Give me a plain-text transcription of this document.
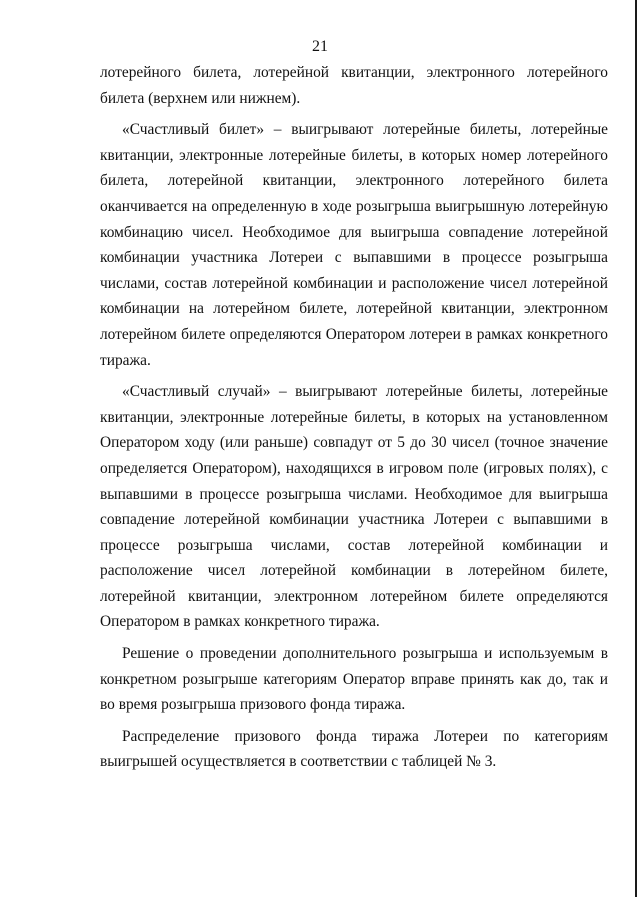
21

лотерейного билета, лотерейной квитанции, электронного лотерейного билета (верхнем или нижнем).

«Счастливый билет» – выигрывают лотерейные билеты, лотерейные квитанции, электронные лотерейные билеты, в которых номер лотерейного билета, лотерейной квитанции, электронного лотерейного билета оканчивается на определенную в ходе розыгрыша выигрышную лотерейную комбинацию чисел. Необходимое для выигрыша совпадение лотерейной комбинации участника Лотереи с выпавшими в процессе розыгрыша числами, состав лотерейной комбинации и расположение чисел лотерейной комбинации на лотерейном билете, лотерейной квитанции, электронном лотерейном билете определяются Оператором лотереи в рамках конкретного тиража.

«Счастливый случай» – выигрывают лотерейные билеты, лотерейные квитанции, электронные лотерейные билеты, в которых на установленном Оператором ходу (или раньше) совпадут от 5 до 30 чисел (точное значение определяется Оператором), находящихся в игровом поле (игровых полях), с выпавшими в процессе розыгрыша числами. Необходимое для выигрыша совпадение лотерейной комбинации участника Лотереи с выпавшими в процессе розыгрыша числами, состав лотерейной комбинации и расположение чисел лотерейной комбинации в лотерейном билете, лотерейной квитанции, электронном лотерейном билете определяются Оператором в рамках конкретного тиража.

Решение о проведении дополнительного розыгрыша и используемым в конкретном розыгрыше категориям Оператор вправе принять как до, так и во время розыгрыша призового фонда тиража.

Распределение призового фонда тиража Лотереи по категориям выигрышей осуществляется в соответствии с таблицей № 3.
